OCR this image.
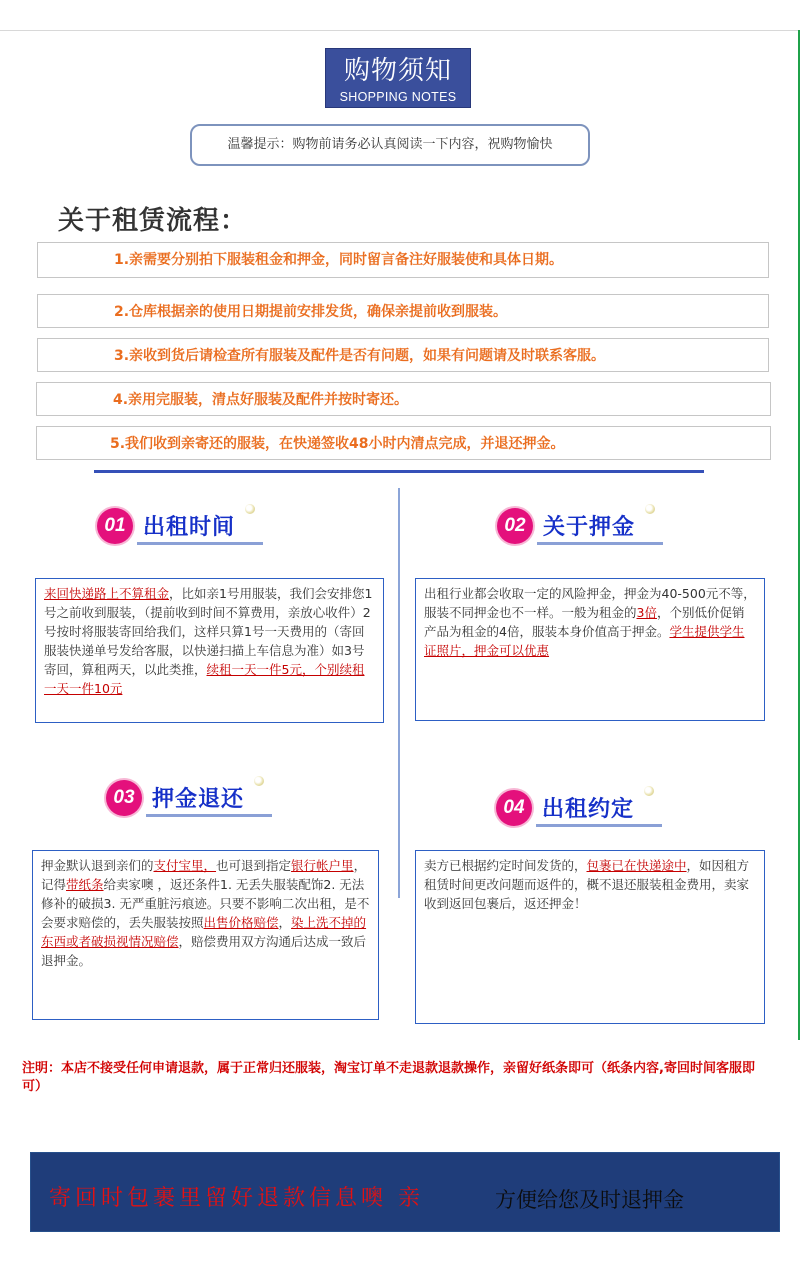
购物须知
SHOPPING NOTES
温馨提示：购物前请务必认真阅读一下内容，祝购物愉快
关于租赁流程：
1.亲需要分别拍下服装租金和押金，同时留言备注好服装使和具体日期。
2.仓库根据亲的使用日期提前安排发货，确保亲提前收到服装。
3.亲收到货后请检查所有服装及配件是否有问题，如果有问题请及时联系客服。
4.亲用完服装，清点好服装及配件并按时寄还。
5.我们收到亲寄还的服装，在快递签收48小时内清点完成，并退还押金。
01 出租时间	02 关于押金
来回快递路上不算租金，比如亲1号用服装，我们会安排您1号之前收到服装，（提前收到时间不算费用，亲放心收件）2号按时将服装寄回给我们，这样只算1号一天费用的（寄回服装快递单号发给客服，以快递扫描上车信息为准）如3号寄回，算租两天，以此类推，续租一天一件5元，个别续租一天一件10元
出租行业都会收取一定的风险押金，押金为40-500元不等，服装不同押金也不一样。一般为租金的3倍，个别低价促销产品为租金的4倍，服装本身价值高于押金。学生提供学生证照片，押金可以优惠
03 押金退还	04 出租约定
押金默认退到亲们的支付宝里，也可退到指定银行帐户里，记得带纸条给卖家噢 ，返还条件1. 无丢失服装配饰2. 无法修补的破损3. 无严重脏污痕迹。只要不影响二次出租，是不会要求赔偿的，丢失服装按照出售价格赔偿，染上洗不掉的东西或者破损视情况赔偿，赔偿费用双方沟通后达成一致后退押金。
卖方已根据约定时间发货的，包裹已在快递途中，如因租方租赁时间更改问题而返件的，概不退还服装租金费用，卖家收到返回包裹后，返还押金！
注明：本店不接受任何申请退款，属于正常归还服装，淘宝订单不走退款退款操作，亲留好纸条即可（纸条内容,寄回时间客服即可）
寄回时包裹里留好退款信息噢 亲	方便给您及时退押金
